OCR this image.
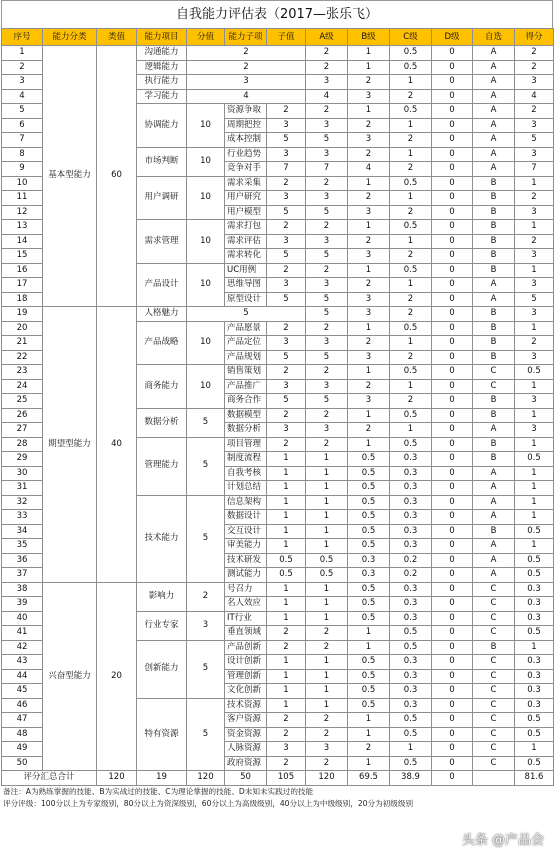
自我能力评估表（2017—张乐飞）
序号	能力分类	类值	能力项目	分值	能力子项	子值	A级	B级	C级	D级	自选	得分
1	基本型能力	60	沟通能力	2			2	1	0.5	0	A	2
2			逻辑能力	2			2	1	0.5	0	A	2
3			执行能力	3			3	2	1	0	A	3
4			学习能力	4			4	3	2	0	A	4
5			协调能力	10	资源争取	2	2	1	0.5	0	A	2
6					周期把控	3	3	2	1	0	A	3
7					成本控制	5	5	3	2	0	A	5
8			市场判断	10	行业趋势	3	3	2	1	0	A	3
9					竞争对手	7	7	4	2	0	A	7
10			用户调研	10	需求采集	2	2	1	0.5	0	B	1
11					用户研究	3	3	2	1	0	B	2
12					用户模型	5	5	3	2	0	B	3
13			需求管理	10	需求打包	2	2	1	0.5	0	B	1
14					需求评估	3	3	2	1	0	B	2
15					需求转化	5	5	3	2	0	B	3
16			产品设计	10	UC用例	2	2	1	0.5	0	B	1
17					思维导图	3	3	2	1	0	A	3
18					原型设计	5	5	3	2	0	A	5
19	期望型能力	40	人格魅力	5			5	3	2	0	B	3
20			产品战略	10	产品愿景	2	2	1	0.5	0	B	1
21					产品定位	3	3	2	1	0	B	2
22					产品规划	5	5	3	2	0	B	3
23			商务能力	10	销售策划	2	2	1	0.5	0	C	0.5
24					产品推广	3	3	2	1	0	C	1
25					商务合作	5	5	3	2	0	B	3
26			数据分析	5	数据模型	2	2	1	0.5	0	B	1
27					数据分析	3	3	2	1	0	A	3
28			管理能力	5	项目管理	2	2	1	0.5	0	B	1
29					制度流程	1	1	0.5	0.3	0	B	0.5
30					自我考核	1	1	0.5	0.3	0	A	1
31					计划总结	1	1	0.5	0.3	0	A	1
32			技术能力	5	信息架构	1	1	0.5	0.3	0	A	1
33					数据设计	1	1	0.5	0.3	0	A	1
34					交互设计	1	1	0.5	0.3	0	B	0.5
35					审美能力	1	1	0.5	0.3	0	A	1
36					技术研发	0.5	0.5	0.3	0.2	0	A	0.5
37					测试能力	0.5	0.5	0.3	0.2	0	A	0.5
38	兴奋型能力	20	影响力	2	号召力	1	1	0.5	0.3	0	C	0.3
39					名人效应	1	1	0.5	0.3	0	C	0.3
40			行业专家	3	IT行业	1	1	0.5	0.3	0	C	0.3
41					垂直领域	2	2	1	0.5	0	C	0.5
42			创新能力	5	产品创新	2	2	1	0.5	0	B	1
43					设计创新	1	1	0.5	0.3	0	C	0.3
44					管理创新	1	1	0.5	0.3	0	C	0.3
45					文化创新	1	1	0.5	0.3	0	C	0.3
46			特有资源	5	技术资源	1	1	0.5	0.3	0	C	0.3
47					客户资源	2	2	1	0.5	0	C	0.5
48					资金资源	2	2	1	0.5	0	C	0.5
49					人脉资源	3	3	2	1	0	C	1
50					政府资源	2	2	1	0.5	0	C	0.5
评分汇总合计		120	19	120	50	105	120	69.5	38.9	0		81.6
备注：A为熟练掌握的技能、B为实战过的技能、C为理论掌握的技能、D未知未实践过的技能
评分评级：100分以上为专家级别，80分以上为资深级别，60分以上为高级级别，40分以上为中级级别，20分为初级级别
头条 @产品会
